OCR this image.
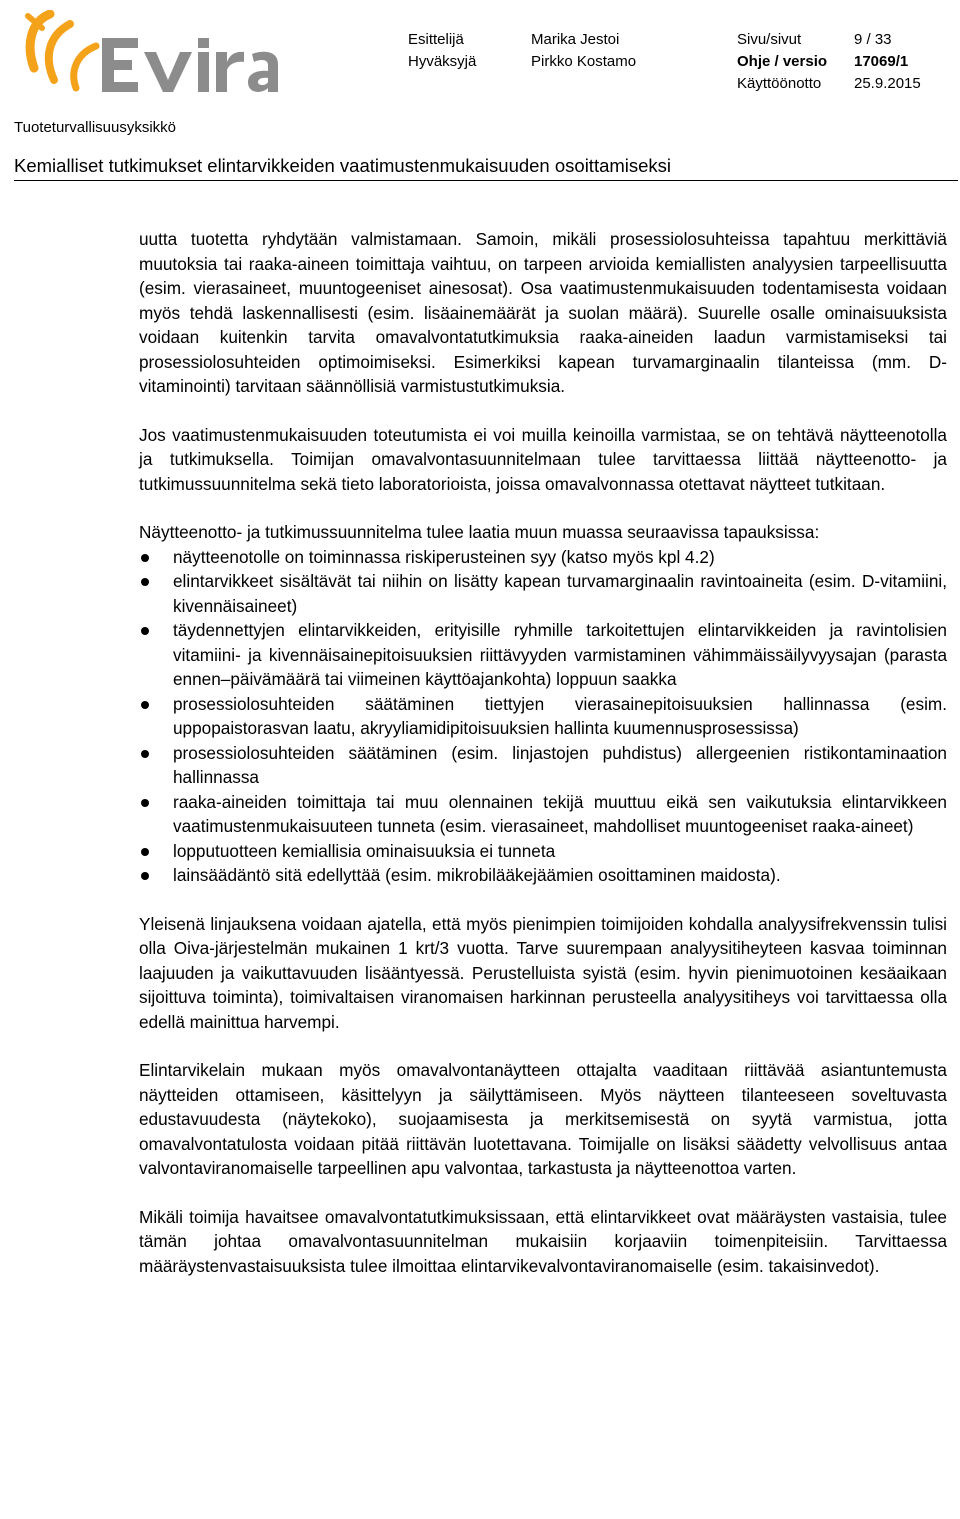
Esittelijä	Marika Jestoi	Sivu/sivut	9 / 33
Hyväksyjä	Pirkko Kostamo	Ohje / versio 17069/1
Käyttöönotto 25.9.2015
Tuoteturvallisuusyksikkö
Kemialliset tutkimukset elintarvikkeiden vaatimustenmukaisuuden osoittamiseksi

uutta tuotetta ryhdytään valmistamaan. Samoin, mikäli prosessiolosuhteissa tapahtuu merkittäviä muutoksia tai raaka-aineen toimittaja vaihtuu, on tarpeen arvioida kemiallisten analyysien tarpeellisuutta (esim. vierasaineet, muuntogeeniset ainesosat). Osa vaatimustenmukaisuuden todentamisesta voidaan myös tehdä laskennallisesti (esim. lisäainemäärät ja suolan määrä). Suurelle osalle ominaisuuksista voidaan kuitenkin tarvita omavalvontatutkimuksia raaka-aineiden laadun varmistamiseksi tai prosessiolosuhteiden optimoimiseksi. Esimerkiksi kapean turvamarginaalin tilanteissa (mm. D-vitaminointi) tarvitaan säännöllisiä varmistustutkimuksia.

Jos vaatimustenmukaisuuden toteutumista ei voi muilla keinoilla varmistaa, se on tehtävä näytteenotolla ja tutkimuksella. Toimijan omavalvontasuunnitelmaan tulee tarvittaessa liittää näytteenotto- ja tutkimussuunnitelma sekä tieto laboratorioista, joissa omavalvonnassa otettavat näytteet tutkitaan.

Näytteenotto- ja tutkimussuunnitelma tulee laatia muun muassa seuraavissa tapauksissa:

näytteenotolle on toiminnassa riskiperusteinen syy (katso myös kpl 4.2)
elintarvikkeet sisältävät tai niihin on lisätty kapean turvamarginaalin ravintoaineita (esim. D-vitamiini, kivennäisaineet)
täydennettyjen elintarvikkeiden, erityisille ryhmille tarkoitettujen elintarvikkeiden ja ravintolisien vitamiini- ja kivennäisainepitoisuuksien riittävyyden varmistaminen vähimmäissäilyvyysajan (parasta ennen–päivämäärä tai viimeinen käyttöajankohta) loppuun saakka
prosessiolosuhteiden säätäminen tiettyjen vierasainepitoisuuksien hallinnassa (esim. uppopaistorasvan laatu, akryyliamidipitoisuuksien hallinta kuumennusprosessissa)
prosessiolosuhteiden säätäminen (esim. linjastojen puhdistus) allergeenien ristikontaminaation hallinnassa
raaka-aineiden toimittaja tai muu olennainen tekijä muuttuu eikä sen vaikutuksia elintarvikkeen vaatimustenmukaisuuteen tunneta (esim. vierasaineet, mahdolliset muuntogeeniset raaka-aineet)
lopputuotteen kemiallisia ominaisuuksia ei tunneta
lainsäädäntö sitä edellyttää (esim. mikrobilääkejäämien osoittaminen maidosta).

Yleisenä linjauksena voidaan ajatella, että myös pienimpien toimijoiden kohdalla analyysifrekvenssin tulisi olla Oiva-järjestelmän mukainen 1 krt/3 vuotta. Tarve suurempaan analyysitiheyteen kasvaa toiminnan laajuuden ja vaikuttavuuden lisääntyessä. Perustelluista syistä (esim. hyvin pienimuotoinen kesäaikaan sijoittuva toiminta), toimivaltaisen viranomaisen harkinnan perusteella analyysitiheys voi tarvittaessa olla edellä mainittua harvempi.

Elintarvikelain mukaan myös omavalvontanäytteen ottajalta vaaditaan riittävää asiantuntemusta näytteiden ottamiseen, käsittelyyn ja säilyttämiseen. Myös näytteen tilanteeseen soveltuvasta edustavuudesta (näytekoko), suojaamisesta ja merkitsemisestä on syytä varmistua, jotta omavalvontatulosta voidaan pitää riittävän luotettavana. Toimijalle on lisäksi säädetty velvollisuus antaa valvontaviranomaiselle tarpeellinen apu valvontaa, tarkastusta ja näytteenottoa varten.

Mikäli toimija havaitsee omavalvontatutkimuksissaan, että elintarvikkeet ovat määräysten vastaisia, tulee tämän johtaa omavalvontasuunnitelman mukaisiin korjaaviin toimenpiteisiin. Tarvittaessa määräystenvastaisuuksista tulee ilmoittaa elintarvikevalvontaviranomaiselle (esim. takaisinvedot).
